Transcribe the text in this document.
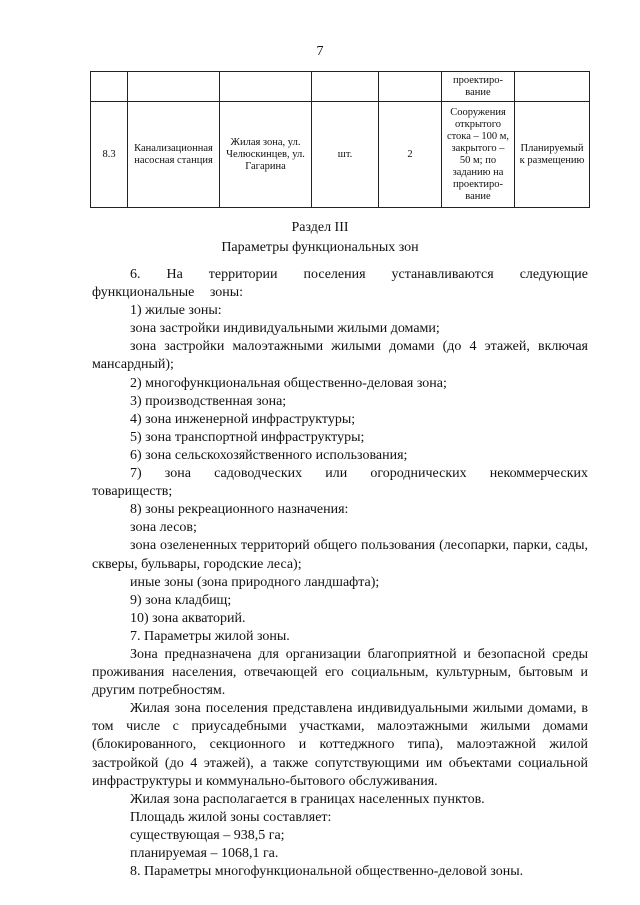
7
					проектиро-вание	
8.3	Канализационная насосная станция	Жилая зона, ул. Челюскинцев, ул. Гагарина	шт.	2	Сооружения открытого стока – 100 м, закрытого – 50 м; по заданию на проектиро-вание	Планируемый к размещению
Раздел III
Параметры функциональных зон

6. На территории поселения устанавливаются следующие функциональные зоны:

1) жилые зоны:

зона застройки индивидуальными жилыми домами;

зона застройки малоэтажными жилыми домами (до 4 этажей, включая мансардный);

2) многофункциональная общественно-деловая зона;

3) производственная зона;

4) зона инженерной инфраструктуры;

5) зона транспортной инфраструктуры;

6) зона сельскохозяйственного использования;

7) зона садоводческих или огороднических некоммерческих товариществ;

8) зоны рекреационного назначения:

зона лесов;

зона озелененных территорий общего пользования (лесопарки, парки, сады, скверы, бульвары, городские леса);

иные зоны (зона природного ландшафта);

9) зона кладбищ;

10) зона акваторий.

7. Параметры жилой зоны.

Зона предназначена для организации благоприятной и безопасной среды проживания населения, отвечающей его социальным, культурным, бытовым и другим потребностям.

Жилая зона поселения представлена индивидуальными жилыми домами, в том числе с приусадебными участками, малоэтажными жилыми домами (блокированного, секционного и коттеджного типа), малоэтажной жилой застройкой (до 4 этажей), а также сопутствующими им объектами социальной инфраструктуры и коммунально-бытового обслуживания.

Жилая зона располагается в границах населенных пунктов.

Площадь жилой зоны составляет:

существующая – 938,5 га;

планируемая – 1068,1 га.

8. Параметры многофункциональной общественно-деловой зоны.
